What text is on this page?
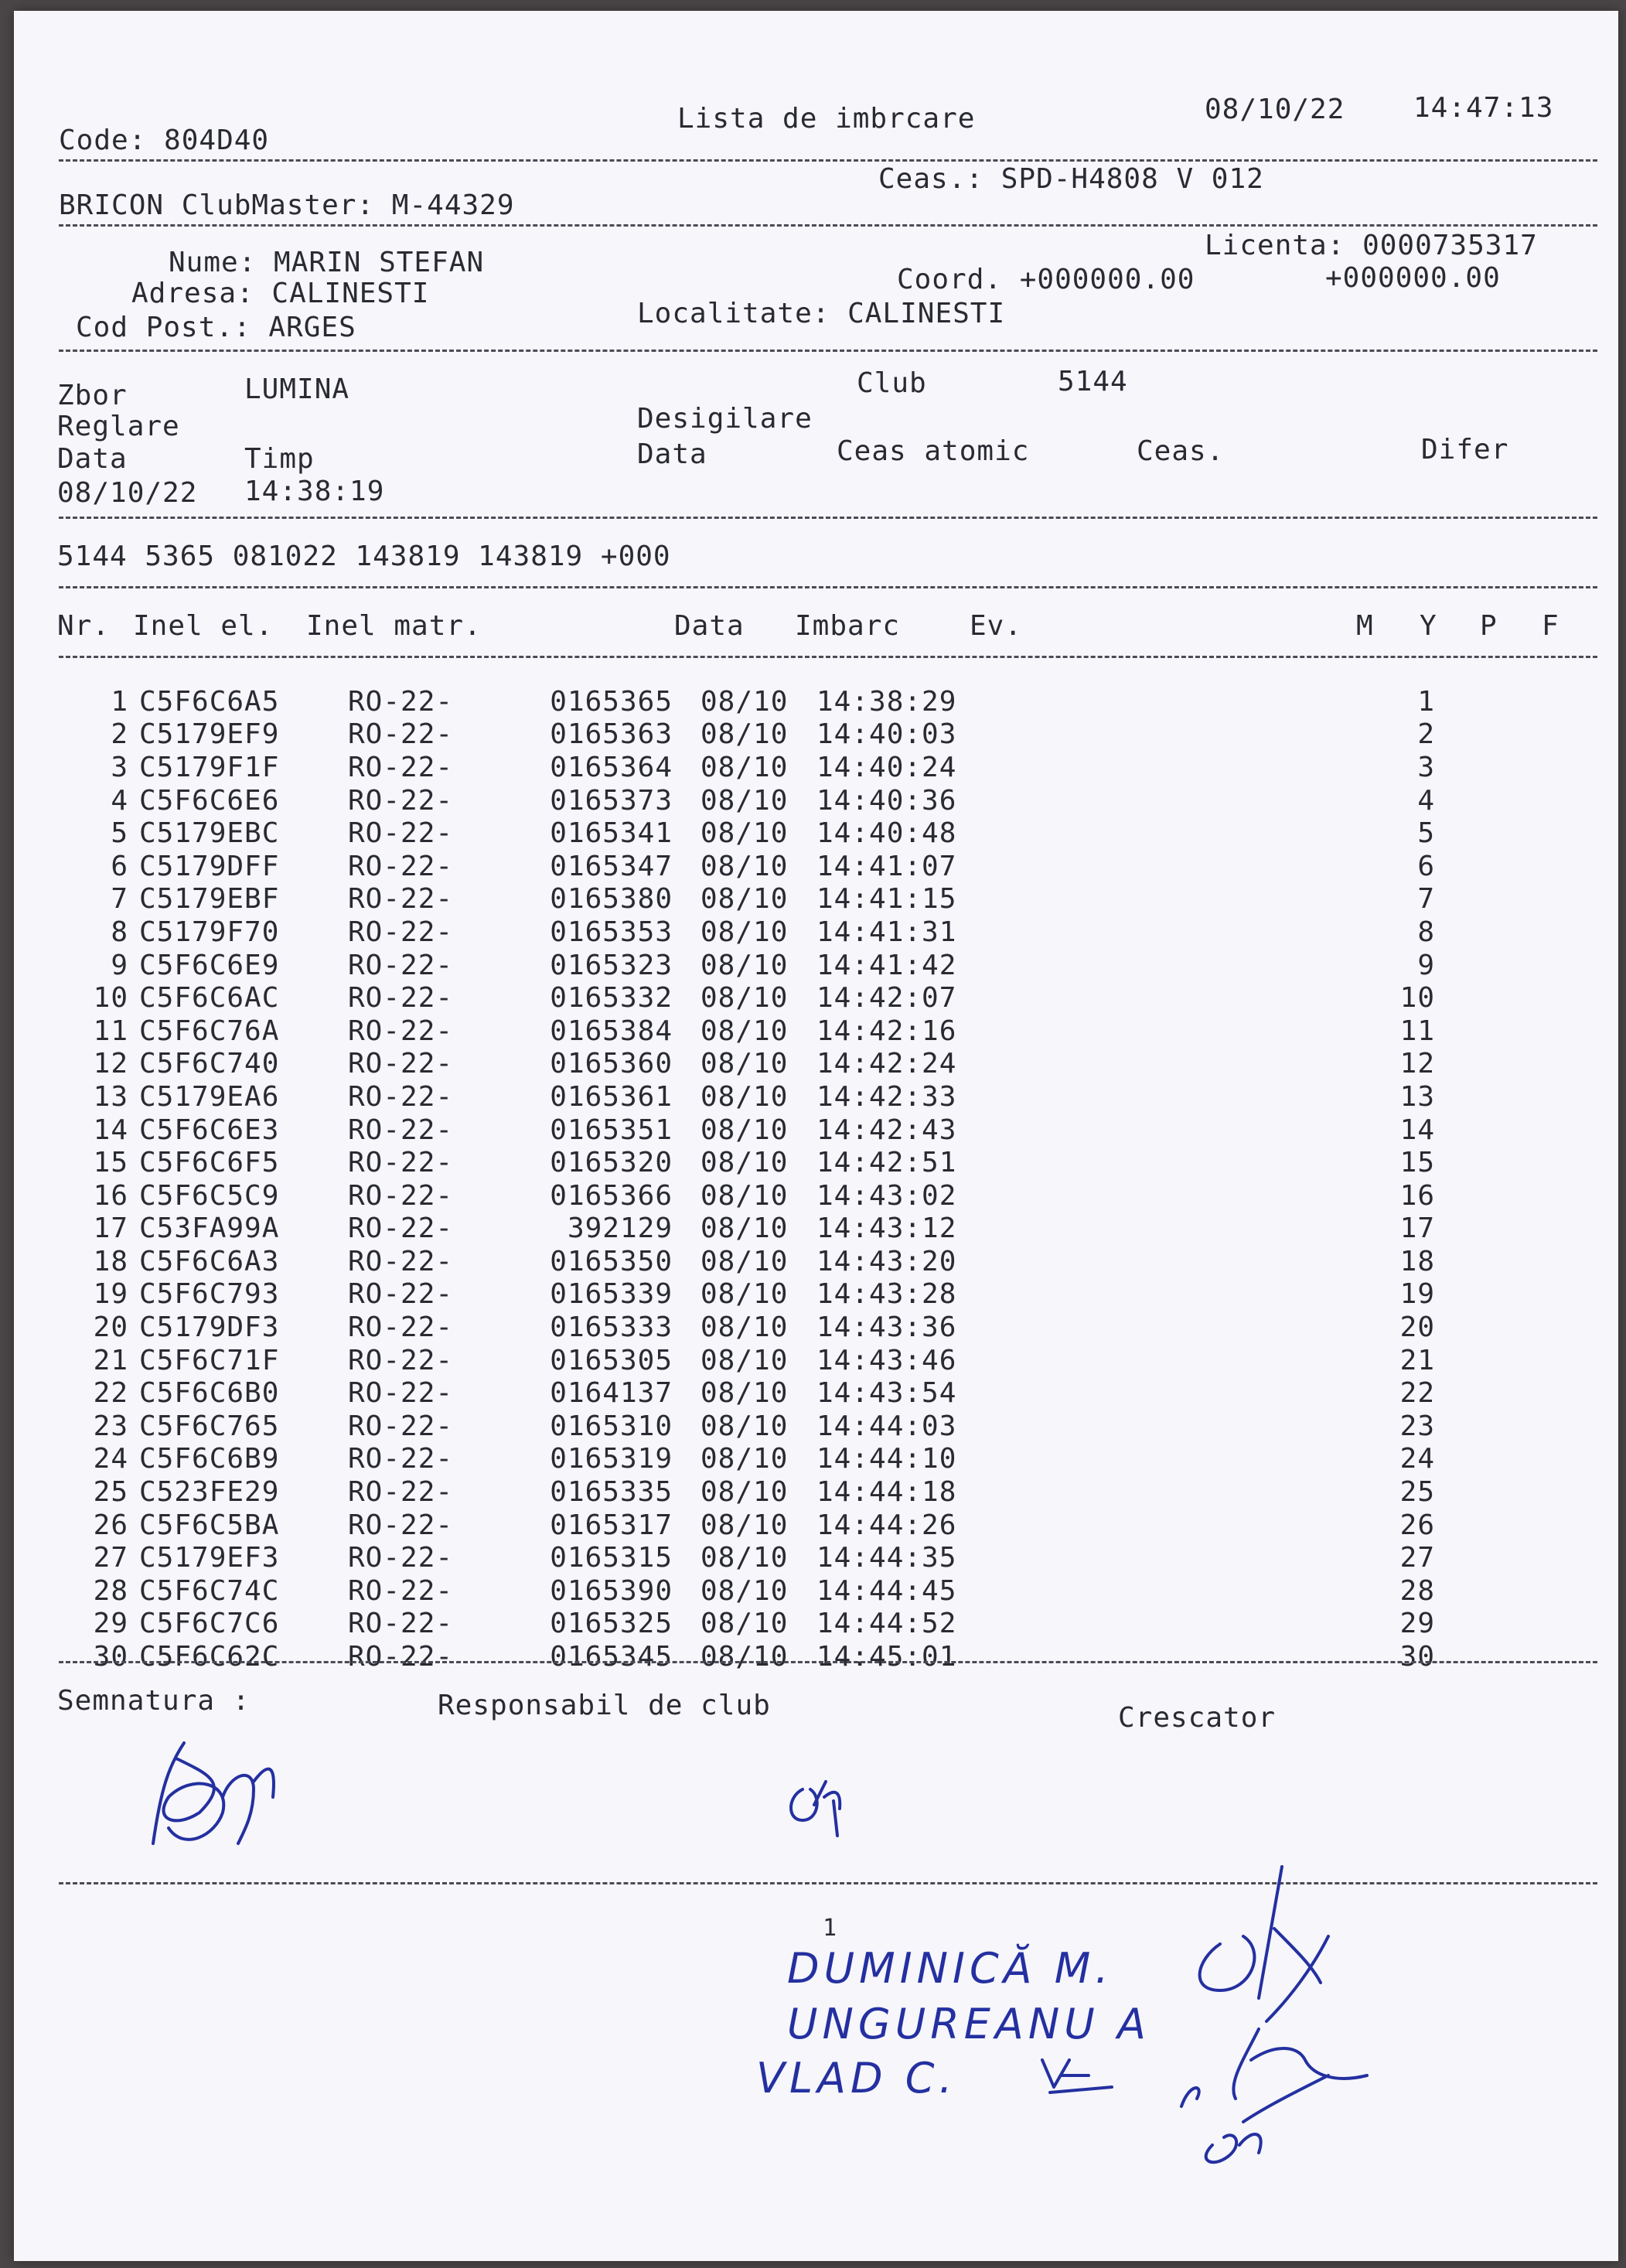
Code: 804D40
Lista de imbrcare	08/10/22 14:47:13
BRICON ClubMaster: M-44329
Ceas.: SPD-H4808 V 012
Licenta: 0000735317
Nume: MARIN STEFAN
Coord. +000000.00	+000000.00
Adresa: CALINESTI
Cod Post.: ARGES	Localitate: CALINESTI
Zbor	LUMINA	Club	5144
Reglare	Desigilare
Data	Timp	Data	Ceas atomic	Ceas.	Difer
08/10/22 14:38:19
5144 5365 081022 143819 143819 +000
Nr. Inel el. Inel matr.	Data Imbarc Ev.	M Y P F
1	C5F6C6A5	RO-22-	0165365	08/10	14:38:29	1
2	C5179EF9	RO-22-	0165363	08/10	14:40:03	2
3	C5179F1F	RO-22-	0165364	08/10	14:40:24	3
4	C5F6C6E6	RO-22-	0165373	08/10	14:40:36	4
5	C5179EBC	RO-22-	0165341	08/10	14:40:48	5
6	C5179DFF	RO-22-	0165347	08/10	14:41:07	6
7	C5179EBF	RO-22-	0165380	08/10	14:41:15	7
8	C5179F70	RO-22-	0165353	08/10	14:41:31	8
9	C5F6C6E9	RO-22-	0165323	08/10	14:41:42	9
10	C5F6C6AC	RO-22-	0165332	08/10	14:42:07	10
11	C5F6C76A	RO-22-	0165384	08/10	14:42:16	11
12	C5F6C740	RO-22-	0165360	08/10	14:42:24	12
13	C5179EA6	RO-22-	0165361	08/10	14:42:33	13
14	C5F6C6E3	RO-22-	0165351	08/10	14:42:43	14
15	C5F6C6F5	RO-22-	0165320	08/10	14:42:51	15
16	C5F6C5C9	RO-22-	0165366	08/10	14:43:02	16
17	C53FA99A	RO-22-	392129	08/10	14:43:12	17
18	C5F6C6A3	RO-22-	0165350	08/10	14:43:20	18
19	C5F6C793	RO-22-	0165339	08/10	14:43:28	19
20	C5179DF3	RO-22-	0165333	08/10	14:43:36	20
21	C5F6C71F	RO-22-	0165305	08/10	14:43:46	21
22	C5F6C6B0	RO-22-	0164137	08/10	14:43:54	22
23	C5F6C765	RO-22-	0165310	08/10	14:44:03	23
24	C5F6C6B9	RO-22-	0165319	08/10	14:44:10	24
25	C523FE29	RO-22-	0165335	08/10	14:44:18	25
26	C5F6C5BA	RO-22-	0165317	08/10	14:44:26	26
27	C5179EF3	RO-22-	0165315	08/10	14:44:35	27
28	C5F6C74C	RO-22-	0165390	08/10	14:44:45	28
29	C5F6C7C6	RO-22-	0165325	08/10	14:44:52	29
30	C5F6C62C	RO-22-	0165345	08/10	14:45:01	30
Semnatura :	Responsabil de club	Crescator
1
DUMINICĂ M.
UNGUREANU A
VLAD C.
